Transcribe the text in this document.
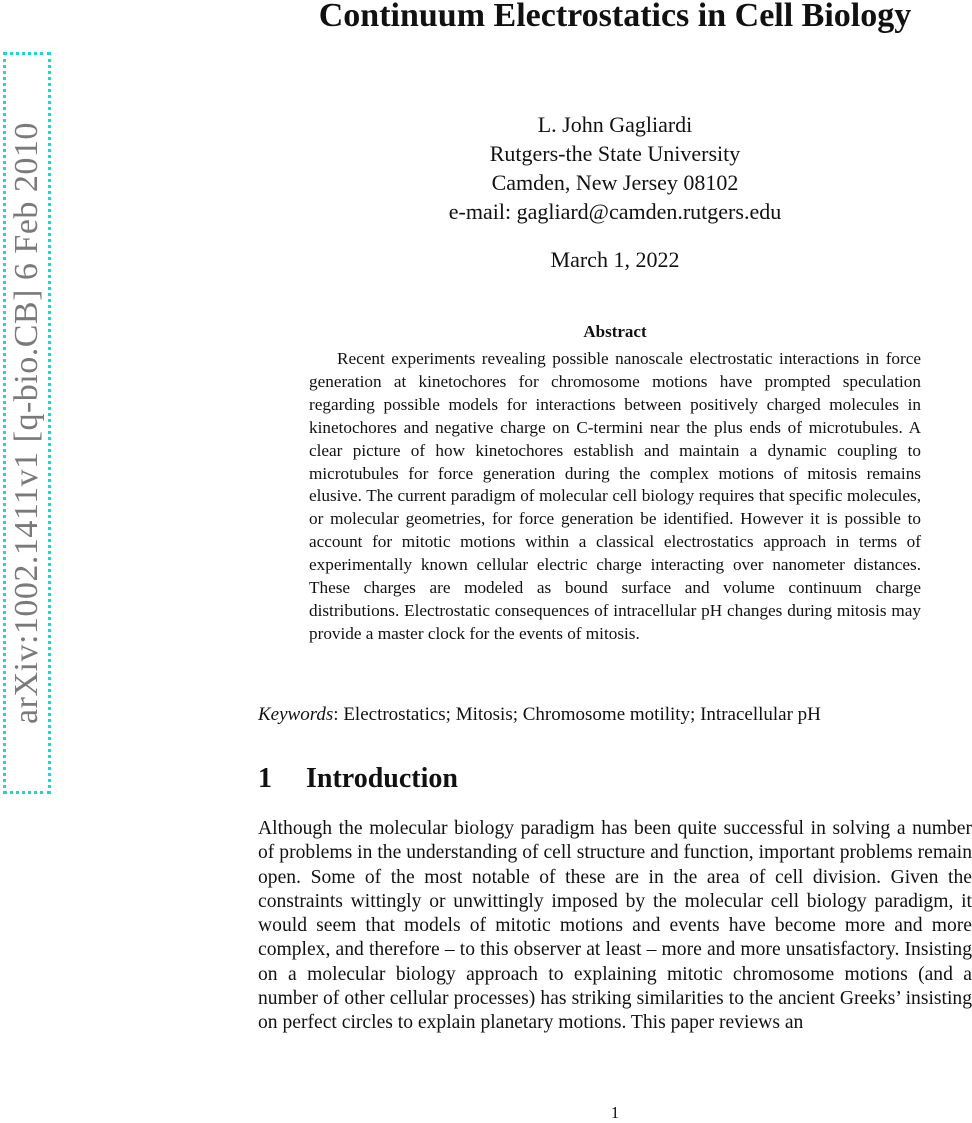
arXiv:1002.1411v1 [q-bio.CB] 6 Feb 2010
Continuum Electrostatics in Cell Biology
L. John Gagliardi
Rutgers-the State University
Camden, New Jersey 08102
e-mail: gagliard@camden.rutgers.edu
March 1, 2022
Abstract

Recent experiments revealing possible nanoscale electrostatic interactions in force generation at kinetochores for chromosome motions have prompted speculation regarding possible models for interactions between positively charged molecules in kinetochores and negative charge on C-termini near the plus ends of microtubules. A clear picture of how kinetochores establish and maintain a dynamic coupling to microtubules for force generation during the complex motions of mitosis remains elusive. The current paradigm of molecular cell biology requires that specific molecules, or molecular geometries, for force generation be identified. However it is possible to account for mitotic motions within a classical electrostatics approach in terms of experimentally known cellular electric charge interacting over nanometer distances. These charges are modeled as bound surface and volume continuum charge distributions. Electrostatic consequences of intracellular pH changes during mitosis may provide a master clock for the events of mitosis.

Keywords: Electrostatics; Mitosis; Chromosome motility; Intracellular pH
1 Introduction

Although the molecular biology paradigm has been quite successful in solving a number of problems in the understanding of cell structure and function, important problems remain open. Some of the most notable of these are in the area of cell division. Given the constraints wittingly or unwittingly imposed by the molecular cell biology paradigm, it would seem that models of mitotic motions and events have become more and more complex, and therefore – to this observer at least – more and more unsatisfactory. Insisting on a molecular biology approach to explaining mitotic chromosome motions (and a number of other cellular processes) has striking similarities to the ancient Greeks’ insisting on perfect circles to explain planetary motions. This paper reviews an

1
